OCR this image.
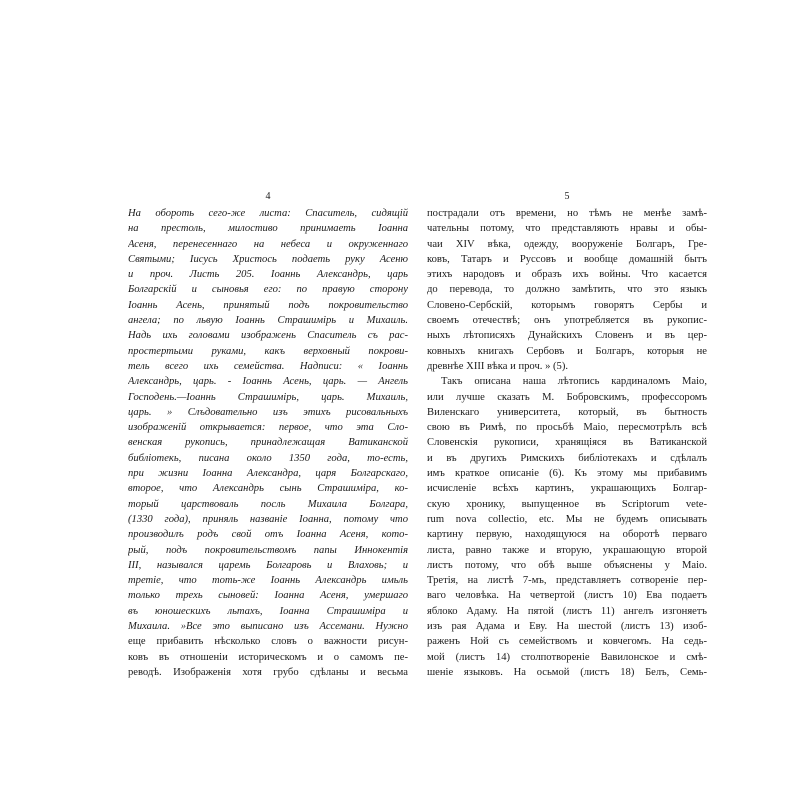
4
На обороть сего-же листа: Спаситель, сидящій
на престоль, милостиво принимаеть Іоанна
Асеня, перенесеннаго на небеса и окруженнаго
Святыми; Іисусь Христось подаеть руку Асеню
и проч. Листь 205. Іоаннь Александрь, царь
Болгарскій и сыновья его: по правую сторону
Іоаннь Асень, принятый подъ покровительство
ангела; по львую Іоаннь Страшимірь и Михаиль.
Надь ихь головами изображень Спаситель съ рас-
простертыми руками, какъ верховный покрови-
тель всего ихь семейства. Надписи: « Іоаннь
Александрь, царь. - Іоаннь Асень, царь. — Ангель
Господень.—Іоаннь Страшимірь, царь. Михаиль,
царь. » Слъдовательно изъ этихъ рисовальныхъ
изображеній открывается: первое, что эта Сло-
венская рукопись, принадлежащая Ватиканской
библіотекь, писана около 1350 года, то-есть,
при жизни Іоанна Александра, царя Болгарскаго,
второе, что Александрь сынь Страшиміра, ко-
торый царствоваль посль Михаила Болгара,
(1330 года), приняль названіе Іоанна, потому что
производилъ родъ свой отъ Іоанна Асеня, кото-
рый, подъ покровительствомъ папы Иннокентія
III, назывался царемь Болгаровь и Влаховь; и
третіе, что тоть-же Іоаннь Александрь имьль
только трехь сыновей: Іоанна Асеня, умершаго
въ юношескихъ льтахъ, Іоанна Страшиміра и
Михаила. »Все это выписано изъ Ассемани. Нужно
еще прибавить нѣсколько словъ о важности рисун-
ковъ въ отношеніи историческомъ и о самомъ пе-
реводѣ. Изображенія хотя грубо сдѣланы и весьма
5
пострадали отъ времени, но тѣмъ не менѣе замѣ-
чательны потому, что представляють нравы и обы-
чаи XIV вѣка, одежду, вооруженіе Болгаръ, Гре-
ковъ, Татаръ и Руссовъ и вообще домашній бытъ
этихъ народовъ и образъ ихъ войны. Что касается
до перевода, то должно замѣтить, что это языкъ
Словено-Сербскій, которымъ говорятъ Сербы и
своемъ отечествѣ; онъ употребляется въ рукопис-
ныхъ лѣтописяхъ Дунайскихъ Словенъ и въ цер-
ковныхъ книгахъ Сербовъ и Болгаръ, которыя не
древнѣе XIII вѣка и проч. » (5).
Такъ описана наша лѣтопись кардиналомъ Маіо,
или лучше сказать М. Бобровскимъ, профессоромъ
Виленскаго университета, который, въ бытность
свою въ Римѣ, по просьбѣ Маіо, пересмотрѣлъ всѣ
Словенскія рукописи, хранящіяся въ Ватиканской
и въ другихъ Римскихъ библіотекахъ и сдѣлалъ
имъ краткое описаніе (6). Къ этому мы прибавимъ
исчисленіе всѣхъ картинъ, украшающихъ Болгар-
скую хронику, выпущенное въ Scriptorum vete-
rum nova collectio, etc. Мы не будемъ описывать
картину первую, находящуюся на оборотѣ перваго
листа, равно также и вторую, украшающую второй
листъ потому, что обѣ выше объяснены у Маіо.
Третія, на листѣ 7-мъ, представляетъ сотвореніе пер-
ваго человѣка. На четвертой (листъ 10) Ева подаетъ
яблоко Адаму. На пятой (листъ 11) ангелъ изгоняетъ
изъ рая Адама и Еву. На шестой (листъ 13) изоб-
раженъ Ной съ семействомъ и ковчегомъ. На седь-
мой (листъ 14) столпотвореніе Вавилонское и смѣ-
шеніе языковъ. На осьмой (листъ 18) Белъ, Семь-
